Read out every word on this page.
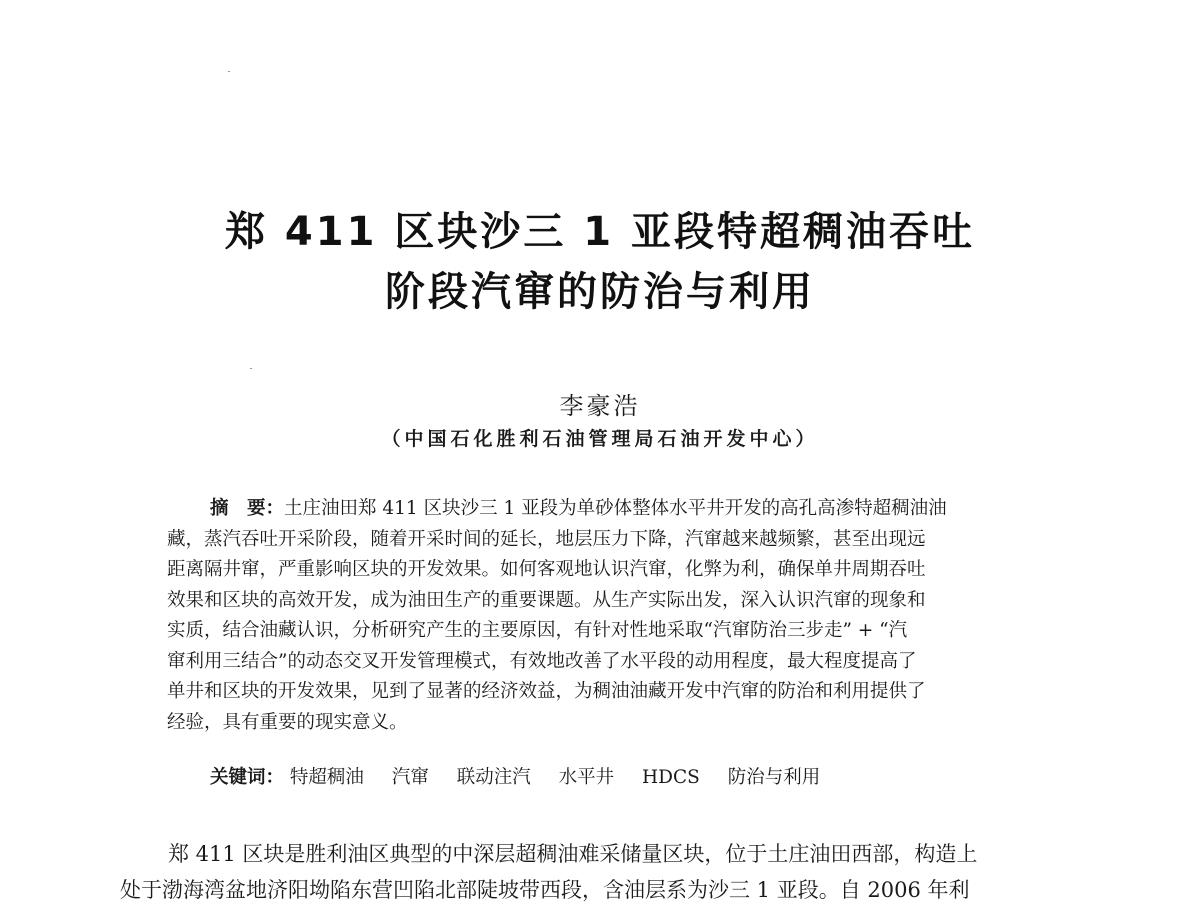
郑 411 区块沙三 1 亚段特超稠油吞吐
阶段汽窜的防治与利用
李豪浩
（中国石化胜利石油管理局石油开发中心）
摘　要：土庄油田郑 411 区块沙三 1 亚段为单砂体整体水平井开发的高孔高渗特超稠油油
藏，蒸汽吞吐开采阶段，随着开采时间的延长，地层压力下降，汽窜越来越频繁，甚至出现远
距离隔井窜，严重影响区块的开发效果。如何客观地认识汽窜，化弊为利，确保单井周期吞吐
效果和区块的高效开发，成为油田生产的重要课题。从生产实际出发，深入认识汽窜的现象和
实质，结合油藏认识，分析研究产生的主要原因，有针对性地采取“汽窜防治三步走” + “汽
窜利用三结合”的动态交叉开发管理模式，有效地改善了水平段的动用程度，最大程度提高了
单井和区块的开发效果，见到了显著的经济效益，为稠油油藏开发中汽窜的防治和利用提供了
经验，具有重要的现实意义。
关键词： 特超稠油 汽窜 联动注汽 水平井 HDCS 防治与利用
郑 411 区块是胜利油区典型的中深层超稠油难采储量区块，位于土庄油田西部，构造上
处于渤海湾盆地济阳坳陷东营凹陷北部陡坡带西段，含油层系为沙三 1 亚段。自 2006 年利
